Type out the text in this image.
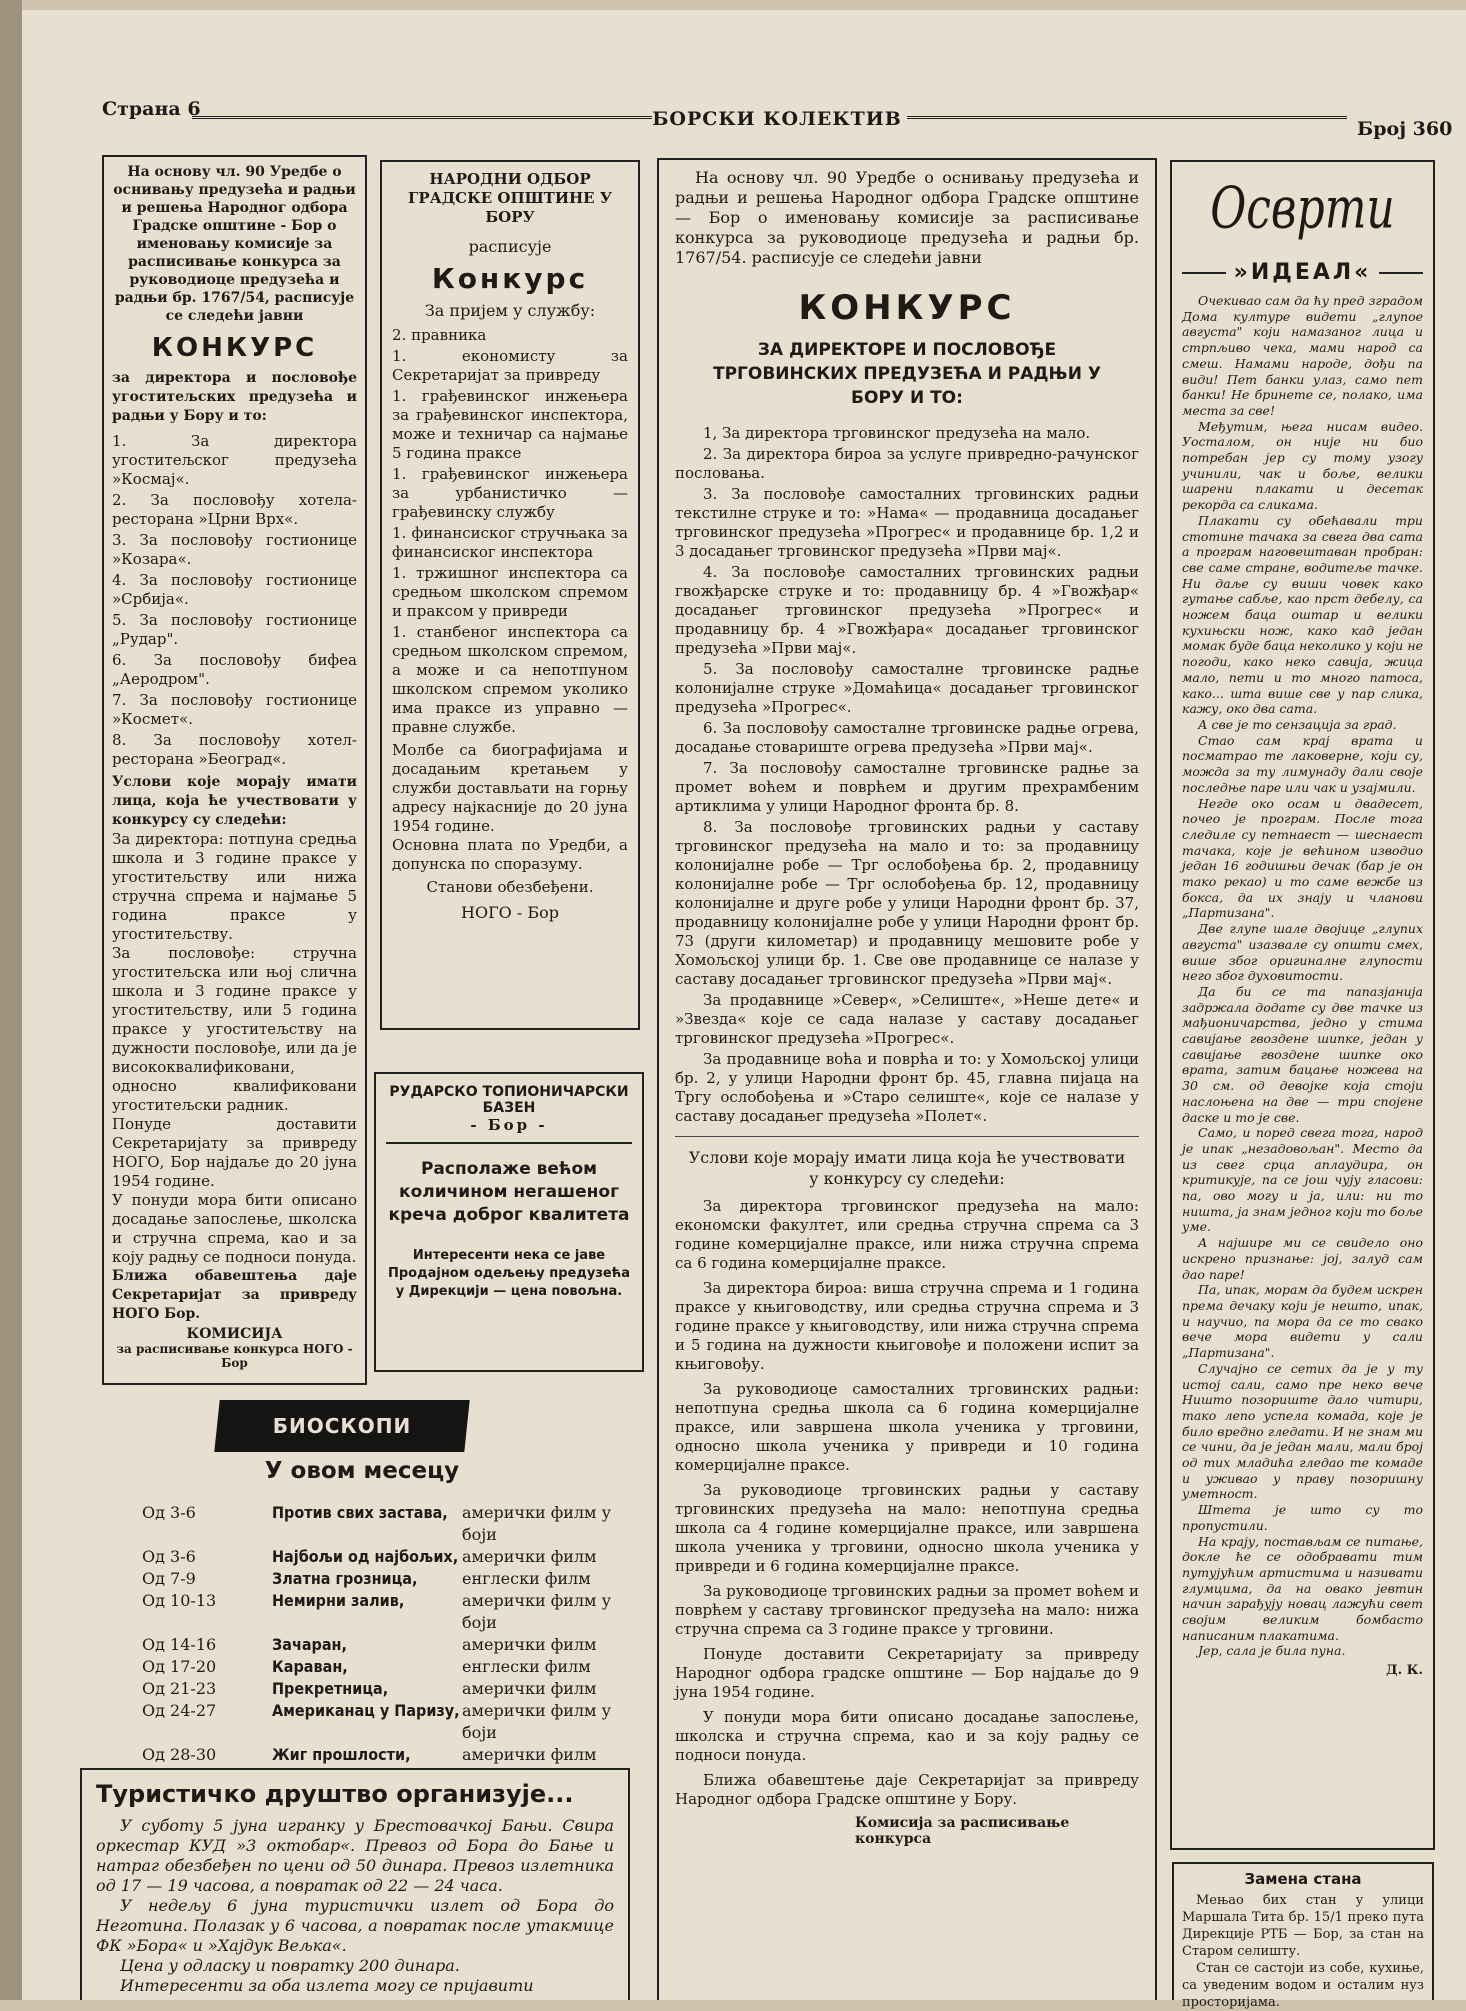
Страна 6	БОРСКИ КОЛЕКТИВ	Број 360

На основу чл. 90 Уредбе о оснивању предузећа и радњи и решења Народног одбора Градске општине - Бор о именовању комисије за расписивање конкурса за руководиоце предузећа и радњи бр. 1767/54, расписује се следећи јавни

КОНКУРС

за директора и пословође угоститељских предузећа и радњи у Бору и то:

1. За директора угоститељског предузећа »Космај«.
2. За пословођу хотела-ресторана »Црни Врх«.
3. За пословођу гостионице »Козара«.
4. За пословођу гостионице »Србија«.
5. За пословођу гостионице „Рудар".
6. За пословођу бифеа „Аеродром".
7. За пословођу гостионице »Космет«.
8. За пословођу хотел-ресторана »Београд«.

Услови које морају имати лица, која ће учествовати у конкурсу су следећи:

За директора: потпуна средња школа и 3 године праксе у угоститељству или нижа стручна спрема и најмање 5 година праксе у угоститељству.

За пословође: стручна угоститељска или њој слична школа и 3 године праксе у угоститељству, или 5 година праксе у угоститељству на дужности пословође, или да је висококвалификовани, односно квалификовани угоститељски радник.

Понуде доставити Секретаријату за привреду НОГО, Бор најдаље до 20 јуна 1954 године.

У понуди мора бити описано досадање запослење, школска и стручна спрема, као и за коју радњу се подноси понуда.

Ближа обавештења даје Секретаријат за привреду НОГО Бор.

КОМИСИЈА
за расписивање конкурса НОГО - Бор
НАРОДНИ ОДБОР ГРАДСКЕ ОПШТИНЕ У БОРУ
расписује
Конкурс
За пријем у службу:
2. правника
1. економисту за Секретаријат за привреду
1. грађевинског инжењера за грађевинског инспектора, може и техничар са најмање 5 година праксе
1. грађевинског инжењера за урбанистичко — грађевинску службу
1. финансиског стручњака за финансиског инспектора
1. тржишног инспектора са средњом школском спремом и праксом у привреди
1. станбеног инспектора са средњом школском спремом, а може и са непотпуном школском спремом уколико има праксе из управно — правне службе.

Молбе са биографијама и досадањим кретањем у служби достављати на горњу адресу најкасније до 20 јуна 1954 године.

Основна плата по Уредби, а допунска по споразуму.

Станови обезбеђени.

НОГО - Бор
РУДАРСКО ТОПИОНИЧАРСКИ БАЗЕН
- Бор -
Располаже већом количином негашеног креча доброг квалитета
Интересенти нека се јаве Продајном одељењу предузећа у Дирекцији — цена повољна.
БИОСКОПИ
У овом месецу
Од 3-6	Против свих застава, амерички филм у боји
Од 3-6	Најбољи од најбољих, амерички филм
Од 7-9	Златна грозница,	енглески филм
Од 10-13	Немирни залив,	амерички филм у боји
Од 14-16	Зачаран,	амерички филм
Од 17-20	Караван,	енглески филм
Од 21-23	Прекретница,	амерички филм
Од 24-27	Американац у Паризу, амерички филм у боји
Од 28-30	Жиг прошлости,	амерички филм
Туристичко друштво организује...

У суботу 5 јуна игранку у Брестовачкој Бањи. Свира оркестар КУД »3 октобар«. Превоз од Бора до Бање и натраг обезбеђен по цени од 50 динара. Превоз излетника од 17 — 19 часова, а повратак од 22 — 24 часа.

У недељу 6 јуна туристички излет од Бора до Неготина. Полазак у 6 часова, а повратак после утакмице ФК »Бора« и »Хајдук Вељка«.

Цена у одласку и повратку 200 динара.

Интересенти за оба излета могу се пријавити

На основу чл. 90 Уредбе о оснивању предузећа и радњи и решења Народног одбора Градске општине — Бор о именовању комисије за расписивање конкурса за руководиоце предузећа и радњи бр. 1767/54. расписује се следећи јавни

КОНКУРС
ЗА ДИРЕКТОРЕ И ПОСЛОВОЂЕ ТРГОВИНСКИХ ПРЕДУЗЕЋА И РАДЊИ У БОРУ И ТО:
1, За директора трговинског предузећа на мало.
2. За директора бироа за услуге привредно-рачунског пословања.
3. За пословође самосталних трговинских радњи текстилне струке и то: »Нама« — продавница досадањег трговинског предузећа »Прогрес« и продавнице бр. 1,2 и 3 досадањег трговинског предузећа »Први мај«.
4. За пословође самосталних трговинских радњи гвожђарске струке и то: продавницу бр. 4 »Гвожђар« досадањег трговинског предузећа »Прогрес« и продавницу бр. 4 »Гвожђара« досадањег трговинског предузећа »Први мај«.
5. За пословођу самосталне трговинске радње колонијалне струке »Домаћица« досадањег трговинског предузећа »Прогрес«.
6. За пословођу самосталне трговинске радње огрева, досадање стовариште огрева предузећа »Први мај«.
7. За пословођу самосталне трговинске радње за промет воћем и поврћем и другим прехрамбеним артиклима у улици Народног фронта бр. 8.
8. За пословође трговинских радњи у саставу трговинског предузећа на мало и то: за продавницу колонијалне робе — Трг ослобођења бр. 2, продавницу колонијалне робе — Трг ослобођења бр. 12, продавницу колонијалне и друге робе у улици Народни фронт бр. 37, продавницу колонијалне робе у улици Народни фронт бр. 73 (други километар) и продавницу мешовите робе у Хомољској улици бр. 1. Све ове продавнице се налазе у саставу досадањег трговинског предузећа »Први мај«.
За продавнице »Север«, »Селиште«, »Неше дете« и »Звезда« које се сада налазе у саставу досадањег трговинског предузећа »Прогрес«.
За продавнице воћа и поврћа и то: у Хомољској улици бр. 2, у улици Народни фронт бр. 45, главна пијаца на Тргу ослобођења и »Старо селиште«, које се налазе у саставу досадањег предузећа »Полет«.

Услови које морају имати лица која ће учествовати у конкурсу су следећи:

За директора трговинског предузећа на мало: економски факултет, или средња стручна спрема са 3 године комерцијалне праксе, или нижа стручна спрема са 6 година комерцијалне праксе.
За директора бироа: виша стручна спрема и 1 година праксе у књиговодству, или средња стручна спрема и 3 године праксе у књиговодству, или нижа стручна спрема и 5 година на дужности књиговође и положени испит за књиговођу.
За руководиоце самосталних трговинских радњи: непотпуна средња школа са 6 година комерцијалне праксе, или завршена школа ученика у трговини, односно школа ученика у привреди и 10 година комерцијалне праксе.
За руководиоце трговинских радњи у саставу трговинских предузећа на мало: непотпуна средња школа са 4 године комерцијалне праксе, или завршена школа ученика у трговини, односно школа ученика у привреди и 6 година комерцијалне праксе.
За руководиоце трговинских радњи за промет воћем и поврћем у саставу трговинског предузећа на мало: нижа стручна спрема са 3 године праксе у трговини.
Понуде доставити Секретаријату за привреду Народног одбора градске општине — Бор најдаље до 9 јуна 1954 године.
У понуди мора бити описано досадање запослење, школска и стручна спрема, као и за коју радњу се подноси понуда.
Ближа обавештење даје Секретаријат за привреду Народног одбора Градске општине у Бору.
Комисија за расписивање конкурса
Осврти
»ИДЕАЛ«

Очекивао сам да ћу пред зградом Дома културе видети „глупое августа" који намазаног лица и стрпљиво чека, мами народ са смеш. Намами народе, дођи па види! Пет банки улаз, само пет банки! Не бринете се, полако, има места за све!

Међутим, њега нисам видео. Уосталом, он није ни био потребан јер су тому узогу учинили, чак и боље, велики шарени плакати и десетак рекорда са сликама.

Плакати су обећавали три стотине тачака за свега два сата а програм наговештаван пробран: све саме стране, водитеље тачке. Ни даље су виши човек како гутање сабље, као прст дебелу, са ножем баца оштар и велики кухињски нож, како кад један момак буде баца неколико у који не погоди, како неко савија, жица мало, пети и то много патоса, како... шта више све у пар слика, кажу, око два сата.

А све је то сензација за град.

Стао сам крај врата и посматрао те лаковерне, који су, можда за ту лимунаду дали своје последње паре или чак и узајмили.

Негде око осам и двадесет, почео је програм. После тога следиле су петнаест — шеснаест тачака, које је већином изводио један 16 годишњи дечак (бар је он тако рекао) и то саме вежбе из бокса, да их знају и чланови „Партизана".

Две глупе шале двојице „глупих августа" изазвале су општи смех, више због оригиналне глупости него због духовитости.

Да би се та папазјанија задржала додате су две тачке из мађионичарства, једно у стима савијање гвоздене шипке, један у савијање гвоздене шипке око врата, затим бацање ножева на 30 см. од девојке која стоји наслоњена на две — три спојене даске и то је све.

Само, и поред свега тога, народ је ипак „незадовољан". Место да из свег срца аплаудира, он критикује, па се још чују гласови: па, ово могу и ја, или: ни то ништа, ја знам једног који то боље уме.

А најшире ми се свидело оно искрено признање: јој, залуд сам дао паре!

Па, ипак, морам да будем искрен према дечаку који је нешто, ипак, и научио, па мора да се то свако вече мора видети у сали „Партизана".

Случајно се сетих да је у ту истој сали, само пре неко вече Ништо позориште дало читири, тако лепо успела комада, које је било вредно гледати. И не знам ми се чини, да је један мали, мали број од тих младића гледао те комаде и уживао у праву позоришну уметност.

Штета је што су то пропустили.

На крају, постављам се питање, докле ће се одобравати тим путујућим артистима и називати глумцима, да на овако јевтин начин зарађују новац лажући свет својим великим бомбасто написаним плакатима.

Јер, сала је била пуна.

Д. К.
Замена стана

Мењао бих стан у улици Маршала Тита бр. 15/1 преко пута Дирекције РТБ — Бор, за стан на Старом селишту.

Стан се састоји из собе, кухиње, са уведеним водом и осталим нуз просторијама.
